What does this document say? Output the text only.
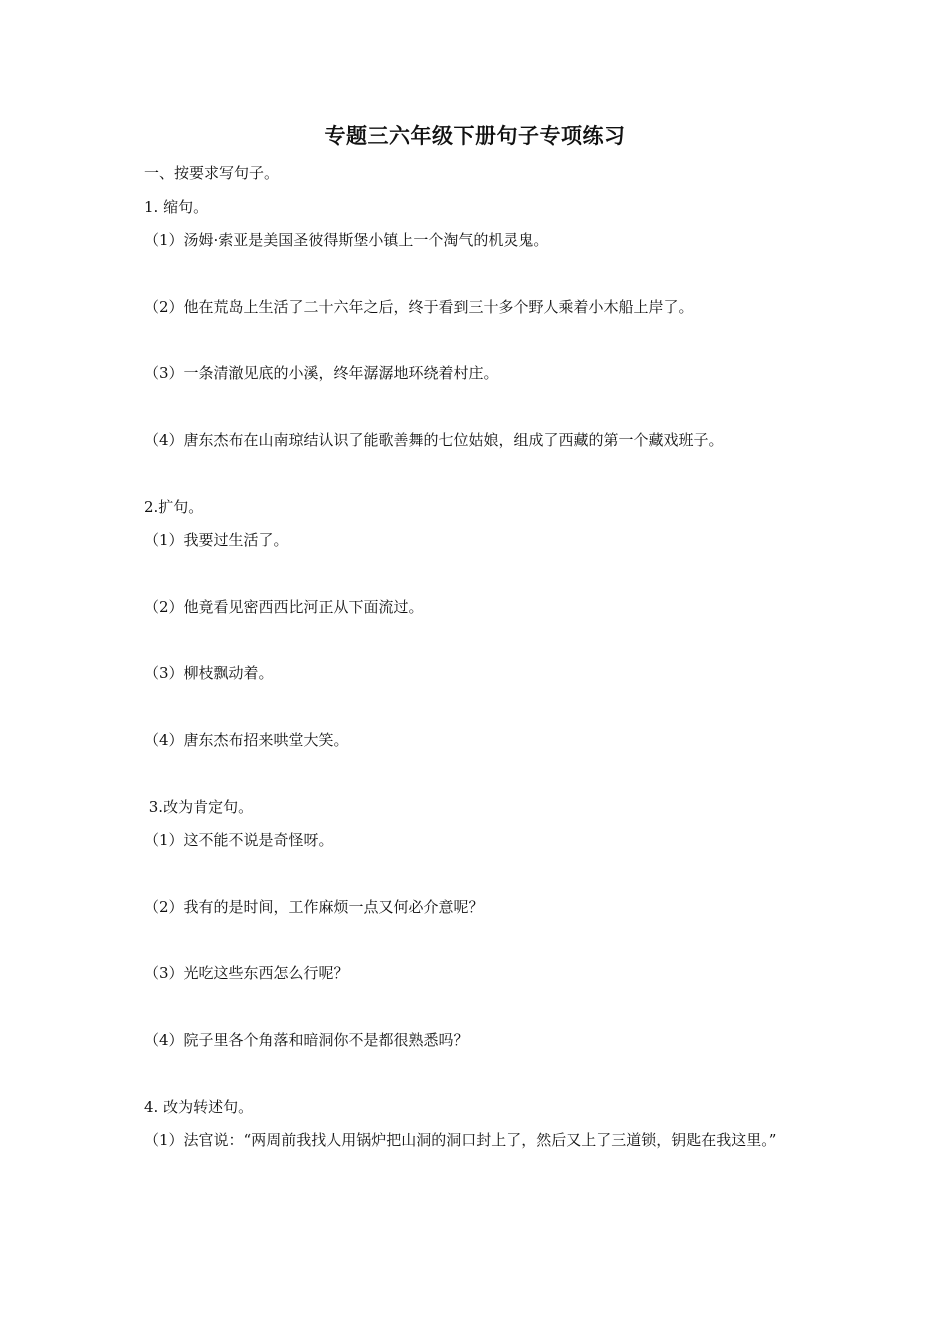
专题三六年级下册句子专项练习
一、按要求写句子。
1. 缩句。
（1）汤姆·索亚是美国圣彼得斯堡小镇上一个淘气的机灵鬼。
（2）他在荒岛上生活了二十六年之后，终于看到三十多个野人乘着小木船上岸了。
（3）一条清澈见底的小溪，终年潺潺地环绕着村庄。
（4）唐东杰布在山南琼结认识了能歌善舞的七位姑娘，组成了西藏的第一个藏戏班子。
2.扩句。
（1）我要过生活了。
（2）他竟看见密西西比河正从下面流过。
（3）柳枝飘动着。
（4）唐东杰布招来哄堂大笑。
3.改为肯定句。
（1）这不能不说是奇怪呀。
（2）我有的是时间，工作麻烦一点又何必介意呢？
（3）光吃这些东西怎么行呢？
（4）院子里各个角落和暗洞你不是都很熟悉吗？
4. 改为转述句。
（1）法官说：“两周前我找人用锅炉把山洞的洞口封上了，然后又上了三道锁，钥匙在我这里。”
